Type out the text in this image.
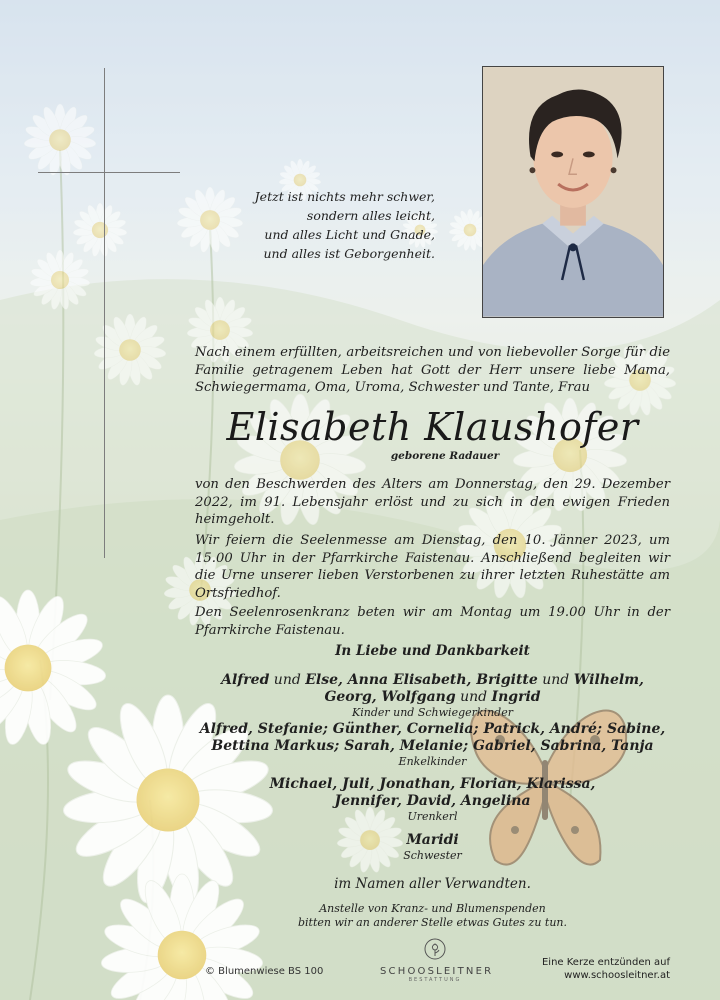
Jetzt ist nichts mehr schwer,
sondern alles leicht,
und alles Licht und Gnade,
und alles ist Geborgenheit.
Nach einem erfüllten, arbeitsreichen und von liebevoller Sorge für die Familie getragenem Leben hat Gott der Herr unsere liebe Mama, Schwiegermama, Oma, Uroma, Schwester und Tante, Frau
Elisabeth Klaushofer
geborene Radauer
von den Beschwerden des Alters am Donnerstag, den 29. Dezember 2022, im 91. Lebensjahr erlöst und zu sich in den ewigen Frieden heimgeholt.
Wir feiern die Seelenmesse am Dienstag, den 10. Jänner 2023, um 15.00 Uhr in der Pfarrkirche Faistenau. Anschließend begleiten wir die Urne unserer lieben Verstorbenen zu ihrer letzten Ruhestätte am Ortsfriedhof.
Den Seelenrosenkranz beten wir am Montag um 19.00 Uhr in der Pfarrkirche Faistenau.
In Liebe und Dankbarkeit
Alfred und Else, Anna Elisabeth, Brigitte und Wilhelm,
Georg, Wolfgang und Ingrid
Kinder und Schwiegerkinder
Alfred, Stefanie; Günther, Cornelia; Patrick, André; Sabine,
Bettina Markus; Sarah, Melanie; Gabriel, Sabrina, Tanja
Enkelkinder
Michael, Juli, Jonathan, Florian, Klarissa,
Jennifer, David, Angelina
Urenkerl
Maridi
Schwester
im Namen aller Verwandten.
Anstelle von Kranz- und Blumenspenden
bitten wir an anderer Stelle etwas Gutes zu tun.
© Blumenwiese BS 100	SCHOOSLEITNER
BESTATTUNG
Eine Kerze entzünden auf
www.schoosleitner.at
